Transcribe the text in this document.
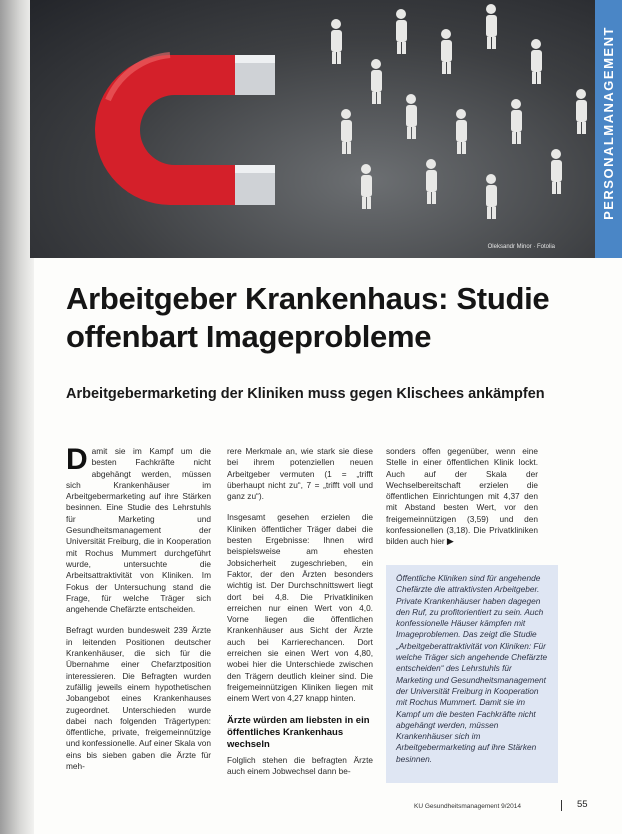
Oleksandr Minor · Fotolia
PERSONALMANAGEMENT
Arbeitgeber Krankenhaus: Studie offenbart Imageprobleme
Arbeitgebermarketing der Kliniken muss gegen Klischees ankämpfen

Damit sie im Kampf um die besten Fachkräfte nicht abgehängt werden, müssen sich Krankenhäuser im Arbeitgebermarketing auf ihre Stärken besinnen. Eine Studie des Lehrstuhls für Marketing und Gesundheitsmanagement der Universität Freiburg, die in Kooperation mit Rochus Mummert durchgeführt wurde, untersuchte die Arbeitsattraktivität von Kliniken. Im Fokus der Untersuchung stand die Frage, für welche Träger sich angehende Chefärzte entscheiden.

Befragt wurden bundesweit 239 Ärzte in leitenden Positionen deutscher Krankenhäuser, die sich für die Übernahme einer Chefarztposition interessieren. Die Befragten wurden zufällig jeweils einem hypothetischen Jobangebot eines Krankenhauses zugeordnet. Unterschieden wurde dabei nach folgenden Trägertypen: öffentliche, private, freigemeinnützige und konfessionelle. Auf einer Skala von eins bis sieben gaben die Ärzte für meh-

rere Merkmale an, wie stark sie diese bei ihrem potenziellen neuen Arbeitgeber vermuten (1 = „trifft überhaupt nicht zu“, 7 = „trifft voll und ganz zu“).

Insgesamt gesehen erzielen die Kliniken öffentlicher Träger dabei die besten Ergebnisse: Ihnen wird beispielsweise am ehesten Jobsicherheit zugeschrieben, ein Faktor, der den Ärzten besonders wichtig ist. Der Durchschnittswert liegt dort bei 4,8. Die Privatkliniken erreichen nur einen Wert von 4,0. Vorne liegen die öffentlichen Krankenhäuser aus Sicht der Ärzte auch bei Karrierechancen. Dort erreichen sie einen Wert von 4,80, wobei hier die Unterschiede zwischen den Trägern deutlich kleiner sind. Die freigemeinnützigen Kliniken liegen mit einem Wert von 4,27 knapp hinten.

Ärzte würden am liebsten in ein öffentliches Krankenhaus wechseln

Folglich stehen die befragten Ärzte auch einem Jobwechsel dann be-

sonders offen gegenüber, wenn eine Stelle in einer öffentlichen Klinik lockt. Auch auf der Skala der Wechselbereitschaft erzielen die öffentlichen Einrichtungen mit 4,37 den mit Abstand besten Wert, vor den freigemeinnützigen (3,59) und den konfessionellen (3,18). Die Privatkliniken bilden auch hier ▶

Öffentliche Kliniken sind für angehende Chefärzte die attraktivsten Arbeitgeber. Private Krankenhäuser haben dagegen den Ruf, zu profitorientiert zu sein. Auch konfessionelle Häuser kämpfen mit Imageproblemen. Das zeigt die Studie „Arbeitgeberattraktivität von Kliniken: Für welche Träger sich angehende Chefärzte entscheiden“ des Lehrstuhls für Marketing und Gesundheitsmanagement der Universität Freiburg in Kooperation mit Rochus Mummert. Damit sie im Kampf um die besten Fachkräfte nicht abgehängt werden, müssen Krankenhäuser sich im Arbeitgebermarketing auf ihre Stärken besinnen.
KU Gesundheitsmanagement 9/2014	55
